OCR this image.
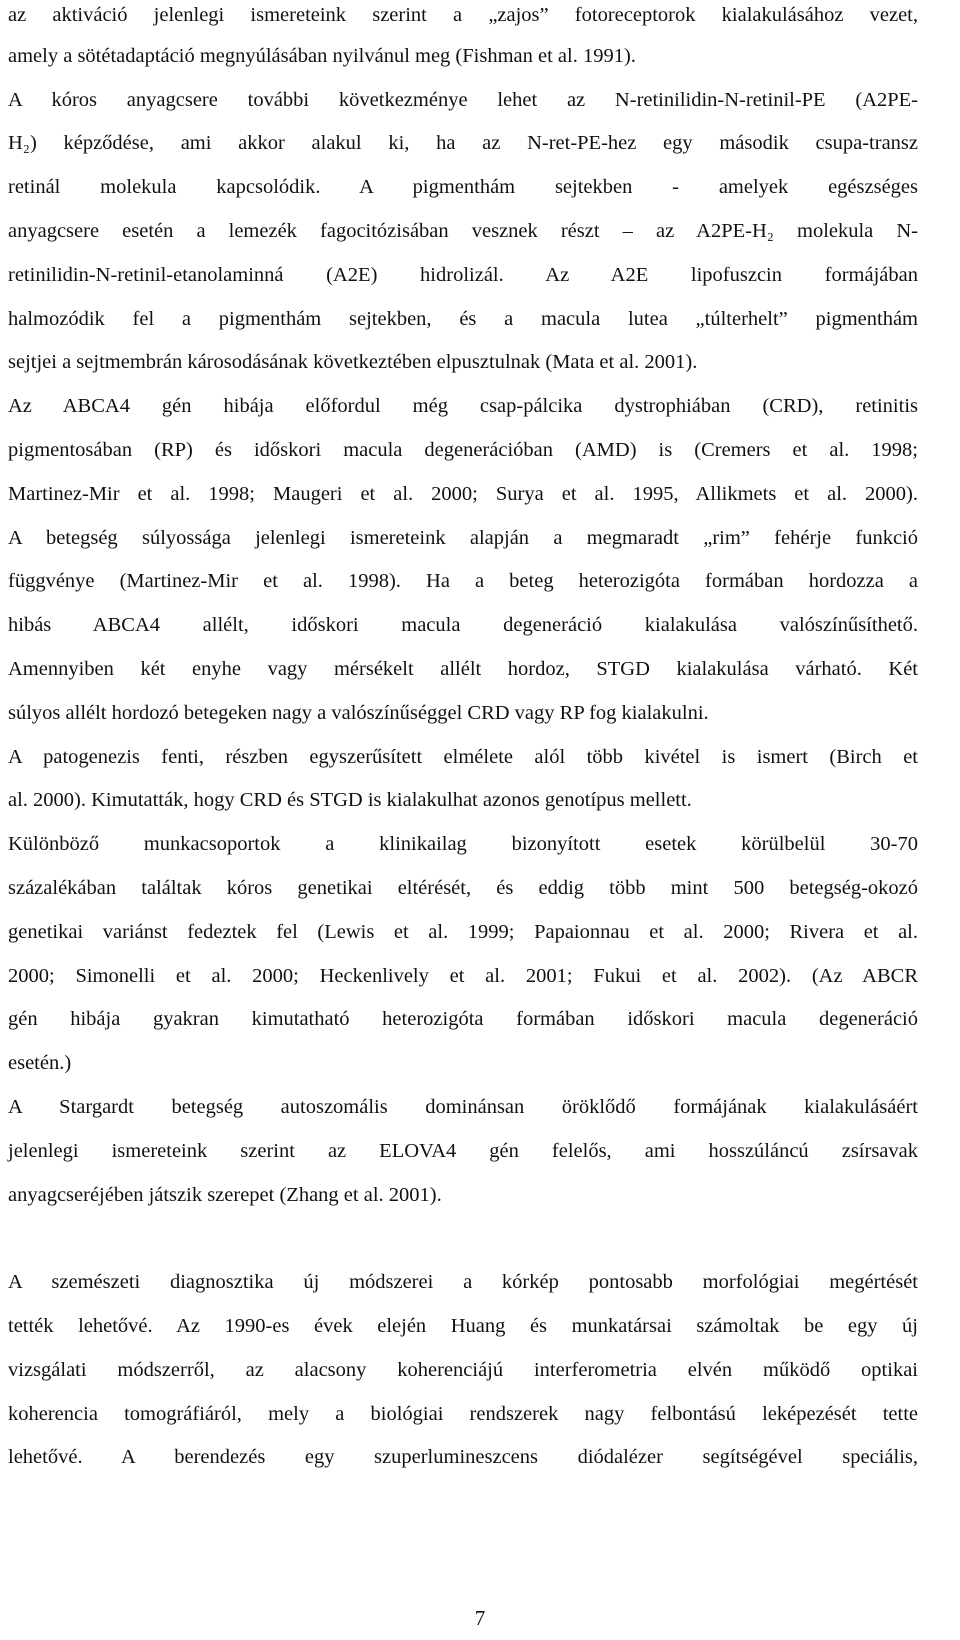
az aktiváció jelenlegi ismereteink szerint a „zajos” fotoreceptorok kialakulásához vezet,
amely a sötétadaptáció megnyúlásában nyilvánul meg (Fishman et al. 1991).
A kóros anyagcsere további következménye lehet az N-retinilidin-N-retinil-PE (A2PE-
H₂) képződése, ami akkor alakul ki, ha az N-ret-PE-hez egy második csupa-transz
retinál molekula kapcsolódik. A pigmenthám sejtekben - amelyek egészséges
anyagcsere esetén a lemezék fagocitózisában vesznek részt – az A2PE-H₂ molekula N-
retinilidin-N-retinil-etanolaminná (A2E) hidrolizál. Az A2E lipofuszcin formájában
halmozódik fel a pigmenthám sejtekben, és a macula lutea „túlterhelt” pigmenthám
sejtjei a sejtmembrán károsodásának következtében elpusztulnak (Mata et al. 2001).
Az ABCA4 gén hibája előfordul még csap-pálcika dystrophiában (CRD), retinitis
pigmentosában (RP) és időskori macula degenerációban (AMD) is (Cremers et al. 1998;
Martinez-Mir et al. 1998; Maugeri et al. 2000; Surya et al. 1995, Allikmets et al. 2000).
A betegség súlyossága jelenlegi ismereteink alapján a megmaradt „rim” fehérje funkció
függvénye (Martinez-Mir et al. 1998). Ha a beteg heterozigóta formában hordozza a
hibás ABCA4 allélt, időskori macula degeneráció kialakulása valószínűsíthető.
Amennyiben két enyhe vagy mérsékelt allélt hordoz, STGD kialakulása várható. Két
súlyos allélt hordozó betegeken nagy a valószínűséggel CRD vagy RP fog kialakulni.
A patogenezis fenti, részben egyszerűsített elmélete alól több kivétel is ismert (Birch et
al. 2000). Kimutatták, hogy CRD és STGD is kialakulhat azonos genotípus mellett.
Különböző munkacsoportok a klinikailag bizonyított esetek körülbelül 30-70
százalékában találtak kóros genetikai eltérését, és eddig több mint 500 betegség-okozó
genetikai variánst fedeztek fel (Lewis et al. 1999; Papaionnau et al. 2000; Rivera et al.
2000; Simonelli et al. 2000; Heckenlively et al. 2001; Fukui et al. 2002). (Az ABCR
gén hibája gyakran kimutatható heterozigóta formában időskori macula degeneráció
esetén.)
A Stargardt betegség autoszomális dominánsan öröklődő formájának kialakulásáért
jelenlegi ismereteink szerint az ELOVA4 gén felelős, ami hosszúláncú zsírsavak
anyagcseréjében játszik szerepet (Zhang et al. 2001).
A szemészeti diagnosztika új módszerei a kórkép pontosabb morfológiai megértését
tették lehetővé. Az 1990-es évek elején Huang és munkatársai számoltak be egy új
vizsgálati módszerről, az alacsony koherenciájú interferometria elvén működő optikai
koherencia tomográfiáról, mely a biológiai rendszerek nagy felbontású leképezését tette
lehetővé. A berendezés egy szuperlumineszcens diódalézer segítségével speciális,
7
